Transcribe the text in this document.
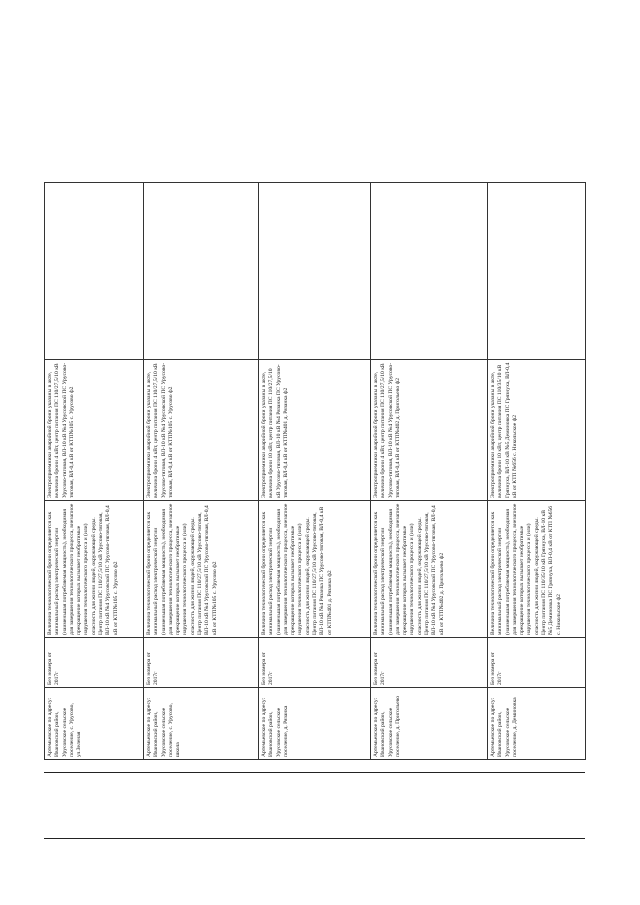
Артемьевское по адресу: Ивановский район, Урусовское сельское поселение, с. Урусово, ул.Зеленая	Без номера от 2017г	Величина технологической брони определяется как минимальный расход электрической энергии (наименьшая потребляемая мощность), необходимая для завершения технологического процесса, внезапное прекращение которых вызывает необратимые нарушения технологического процесса и (или) опасность для жизни людей, окружающей среды. Центр питания ПС 110/27,5/10 кВ Урусово-тяговая, ВЛ-10 кВ №4 Урусовской ПС Урусово-тяговая, ВЛ-0,4 кВ от КТП№105 с. Урусово ф2	Электроприемники аварийной брони указаны в акте, величина брони 4 кВт, центр питания ПС 110/27,5/10 кВ Урусово-тяговая, ВЛ-10 кВ №4 Урусовской ПС Урусово-тяговая, ВЛ-0,4 кВ от КТП№105 с. Урусово ф2	
Артемьевское по адресу: Ивановский район, Урусовское сельское поселение, с. Урусово, школа	Без номера от 2017г	Величина технологической брони определяется как минимальный расход электрической энергии (наименьшая потребляемая мощность), необходимая для завершения технологического процесса, внезапное прекращение которых вызывает необратимые нарушения технологического процесса и (или) опасность для жизни людей, окружающей среды. Центр питания ПС 110/27,5/10 кВ Урусово-тяговая, ВЛ-10 кВ №4 Урусовской ПС Урусово-тяговая, ВЛ-0,4 кВ от КТП№105 с. Урусово ф2	Электроприемники аварийной брони указаны в акте, величина брони 4 кВт, центр питания ПС 110/27,5/10 кВ Урусово-тяговая, ВЛ-10 кВ №4 Урусовской ПС Урусово-тяговая, ВЛ-0,4 кВ от КТП№105 с. Урусово ф2	
Артемьевское по адресу: Ивановский район, Урусовское сельское поселение, д. Рязанка	Без номера от 2017г	Величина технологической брони определяется как минимальный расход электрической энергии (наименьшая потребляемая мощность), необходимая для завершения технологического процесса, внезапное прекращение которых вызывает необратимые нарушения технологического процесса и (или) опасность для жизни людей, окружающей среды. Центр питания ПС 110/27,5/10 кВ Урусово-тяговая, ВЛ-10 кВ №4 Рязанка ПС Урусово-тяговая, ВЛ-0,4 кВ от КТП№401 д. Рязанка ф2	Электроприемники аварийной брони указаны в акте, величина брони 10 кВт, центр питания ПС 110/27,5/10 кВ Урусово-тяговая, ВЛ-10 кВ №4 Рязанка ПС Урусово-тяговая, ВЛ-0,4 кВ от КТП№401 д. Рязанка ф2	
Артемьевское по адресу: Ивановский район, Урусовское сельское поселение, д. Пригольево	Без номера от 2017г	Величина технологической брони определяется как минимальный расход электрической энергии (наименьшая потребляемая мощность), необходимая для завершения технологического процесса, внезапное прекращение которых вызывает необратимые нарушения технологического процесса и (или) опасность для жизни людей, окружающей среды. Центр питания ПС 110/27,5/10 кВ Урусово-тяговая, ВЛ-10 кВ №4 Урусовской ПС Урусово-тяговая, ВЛ-0,4 кВ от КТП№402 д. Пригольево ф2	Электроприемники аварийной брони указаны в акте, величина брони 4 кВт, центр питания ПС 110/27,5/10 кВ Урусово-тяговая, ВЛ-10 кВ №4 Урусовской ПС Урусово-тяговая, ВЛ-0,4 кВ от КТП№402 д. Пригольево ф2	
Артемьевское по адресу: Ивановский район, Урусовское сельское поселение, д. Деминовка	Без номера от 2017г	Величина технологической брони определяется как минимальный расход электрической энергии (наименьшая потребляемая мощность), необходимая для завершения технологического процесса, внезапное прекращение которых вызывает необратимые нарушения технологического процесса и (или) опасность для жизни людей, окружающей среды. Центр питания ПС 110/35/10 кВ Грязнуха, ВЛ-10 кВ №5 Деминовка ПС Грязнуха, ВЛ-0,4 кВ от КТП №656 с. Никольское ф2	Электроприемники аварийной брони указаны в акте, величина брони 10 кВт, центр питания ПС 110/35/10 кВ Грязнуха, ВЛ-10 кВ №5 Деминовка ПС Грязнуха, ВЛ-0,4 кВ от КТП №656 с. Никольское ф2	
